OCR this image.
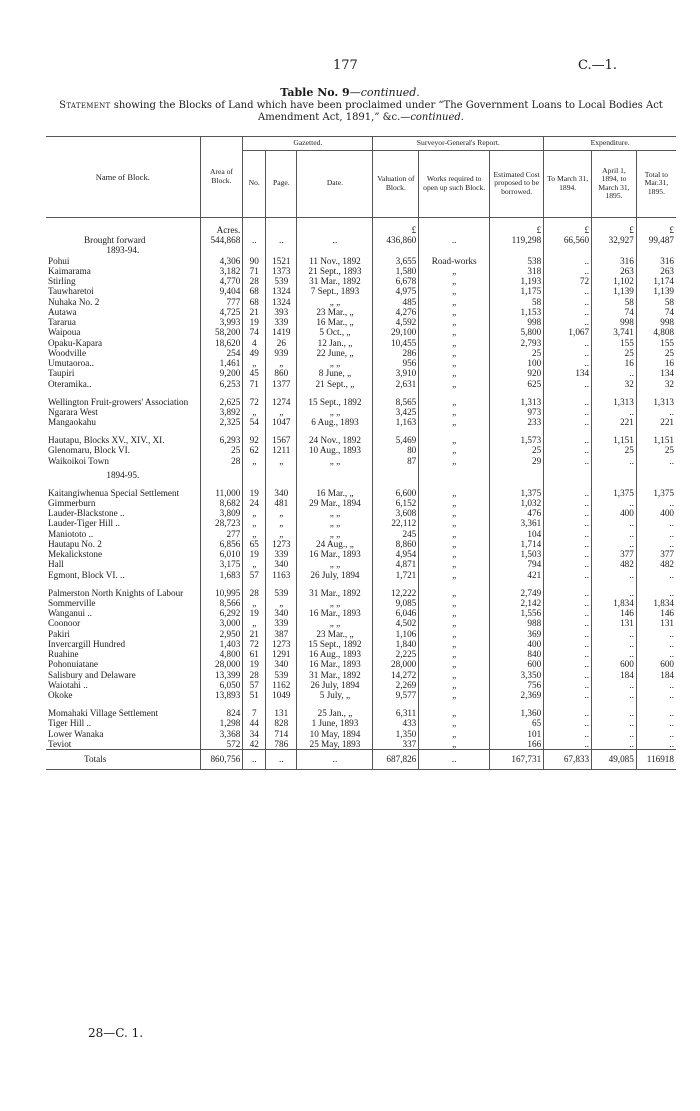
177	C.—1.
Table No. 9—continued.
Statement showing the Blocks of Land which have been proclaimed under “The Government Loans to Local Bodies Act Amendment Act, 1891,” &c.—continued.
Name of Block.	Area of Block.	Gazetted.			Surveyor-General's Report.			Expenditure.		
		No.	Page.	Date.	Valuation of Block.	Works required to open up such Block.	Estimated Cost proposed to be borrowed.	To March 31, 1894.	April 1, 1894, to March 31, 1895.	Total to Mar.31, 1895.
	Acres.				£		£	£	£	£
Brought forward	544,868	..	..	..	436,860	..	119,298	66,560	32,927	99,487
1893-94.										
Pohui	4,306	90	1521	11 Nov., 1892	3,655	Road-works	538	..	316	316
Kaimarama	3,182	71	1373	21 Sept., 1893	1,580	„	318	..	263	263
Stirling	4,770	28	539	31 Mar., 1892	6,678	„	1,193	72	1,102	1,174
Tauwharetoi	9,404	68	1324	7 Sept., 1893	4,975	„	1,175	..	1,139	1,139
Nuhaka No. 2	777	68	1324	„ „	485	„	58	..	58	58
Autawa	4,725	21	393	23 Mar., „	4,276	„	1,153	..	74	74
Tararua	3,993	19	339	16 Mar., „	4,592	„	998	..	998	998
Waipoua	58,200	74	1419	5 Oct., „	29,100	„	5,800	1,067	3,741	4,808
Opaku-Kapara	18,620	4	26	12 Jan., „	10,455	„	2,793	..	155	155
Woodville	254	49	939	22 June, „	286	„	25	..	25	25
Umutaoroa..	1,461	„	„	„ „	956	„	100	..	16	16
Taupiri	9,200	45	860	8 June, „	3,910	„	920	134	..	134
Oteramika..	6,253	71	1377	21 Sept., „	2,631	„	625	..	32	32
Wellington Fruit-growers' Association	2,625	72	1274	15 Sept., 1892	8,565	„	1,313	..	1,313	1,313
Ngarara West	3,892	„	„	„ „	3,425	„	973	..	..	..
Mangaokahu	2,325	54	1047	6 Aug., 1893	1,163	„	233	..	221	221
Hautapu, Blocks XV., XIV., XI.	6,293	92	1567	24 Nov., 1892	5,469	„	1,573	..	1,151	1,151
Glenomaru, Block VI.	25	62	1211	10 Aug., 1893	80	„	25	..	25	25
Waikoikoi Town	28	„	„	„ „	87	„	29	..	..	..
1894-95.										
Kaitangiwhenua Special Settlement	11,000	19	340	16 Mar., „	6,600	„	1,375	..	1,375	1,375
Gimmerburn	8,682	24	481	29 Mar., 1894	6,152	„	1,032	..	..	..
Lauder-Blackstone ..	3,809	„	„	„ „	3,608	„	476	..	400	400
Lauder-Tiger Hill ..	28,723	„	„	„ „	22,112	„	3,361	..	..	..
Maniototo ..	277	„	„	„ „	245	„	104	..	..	..
Hautapu No. 2	6,856	65	1273	24 Aug., „	8,860	„	1,714	..	..	..
Mekalickstone	6,010	19	339	16 Mar., 1893	4,954	„	1,503	..	377	377
Hall	3,175	„	340	„ „	4,871	„	794	..	482	482
Egmont, Block VI. ..	1,683	57	1163	26 July, 1894	1,721	„	421	..	..	..
Palmerston North Knights of Labour	10,995	28	539	31 Mar., 1892	12,222	„	2,749	..	..	..
Sommerville	8,566	„	„	„ „	9,085	„	2,142	..	1,834	1,834
Wanganui ..	6,292	19	340	16 Mar., 1893	6,046	„	1,556	..	146	146
Coonoor	3,000	„	339	„ „	4,502	„	988	..	131	131
Pakiri	2,950	21	387	23 Mar., „	1,106	„	369	..	..	..
Invercargill Hundred	1,403	72	1273	15 Sept., 1892	1,840	„	400	..	..	..
Ruahine	4,800	61	1291	16 Aug., 1893	2,225	„	840	..	..	..
Pohonuiatane	28,000	19	340	16 Mar., 1893	28,000	„	600	..	600	600
Salisbury and Delaware	13,399	28	539	31 Mar., 1892	14,272	„	3,350	..	184	184
Waiotahi ..	6,050	57	1162	26 July, 1894	2,269	„	756	..	..	..
Okoke	13,893	51	1049	5 July, „	9,577	„	2,369	..	..	..
Momahaki Village Settlement	824	7	131	25 Jan., „	6,311	„	1,360	..	..	..
Tiger Hill ..	1,298	44	828	1 June, 1893	433	„	65	..	..	..
Lower Wanaka	3,368	34	714	10 May, 1894	1,350	„	101	..	..	..
Teviot	572	42	786	25 May, 1893	337	„	166	..	..	..
Totals	860,756	..	..	..	687,826	..	167,731	67,833	49,085	116918
28—C. 1.
